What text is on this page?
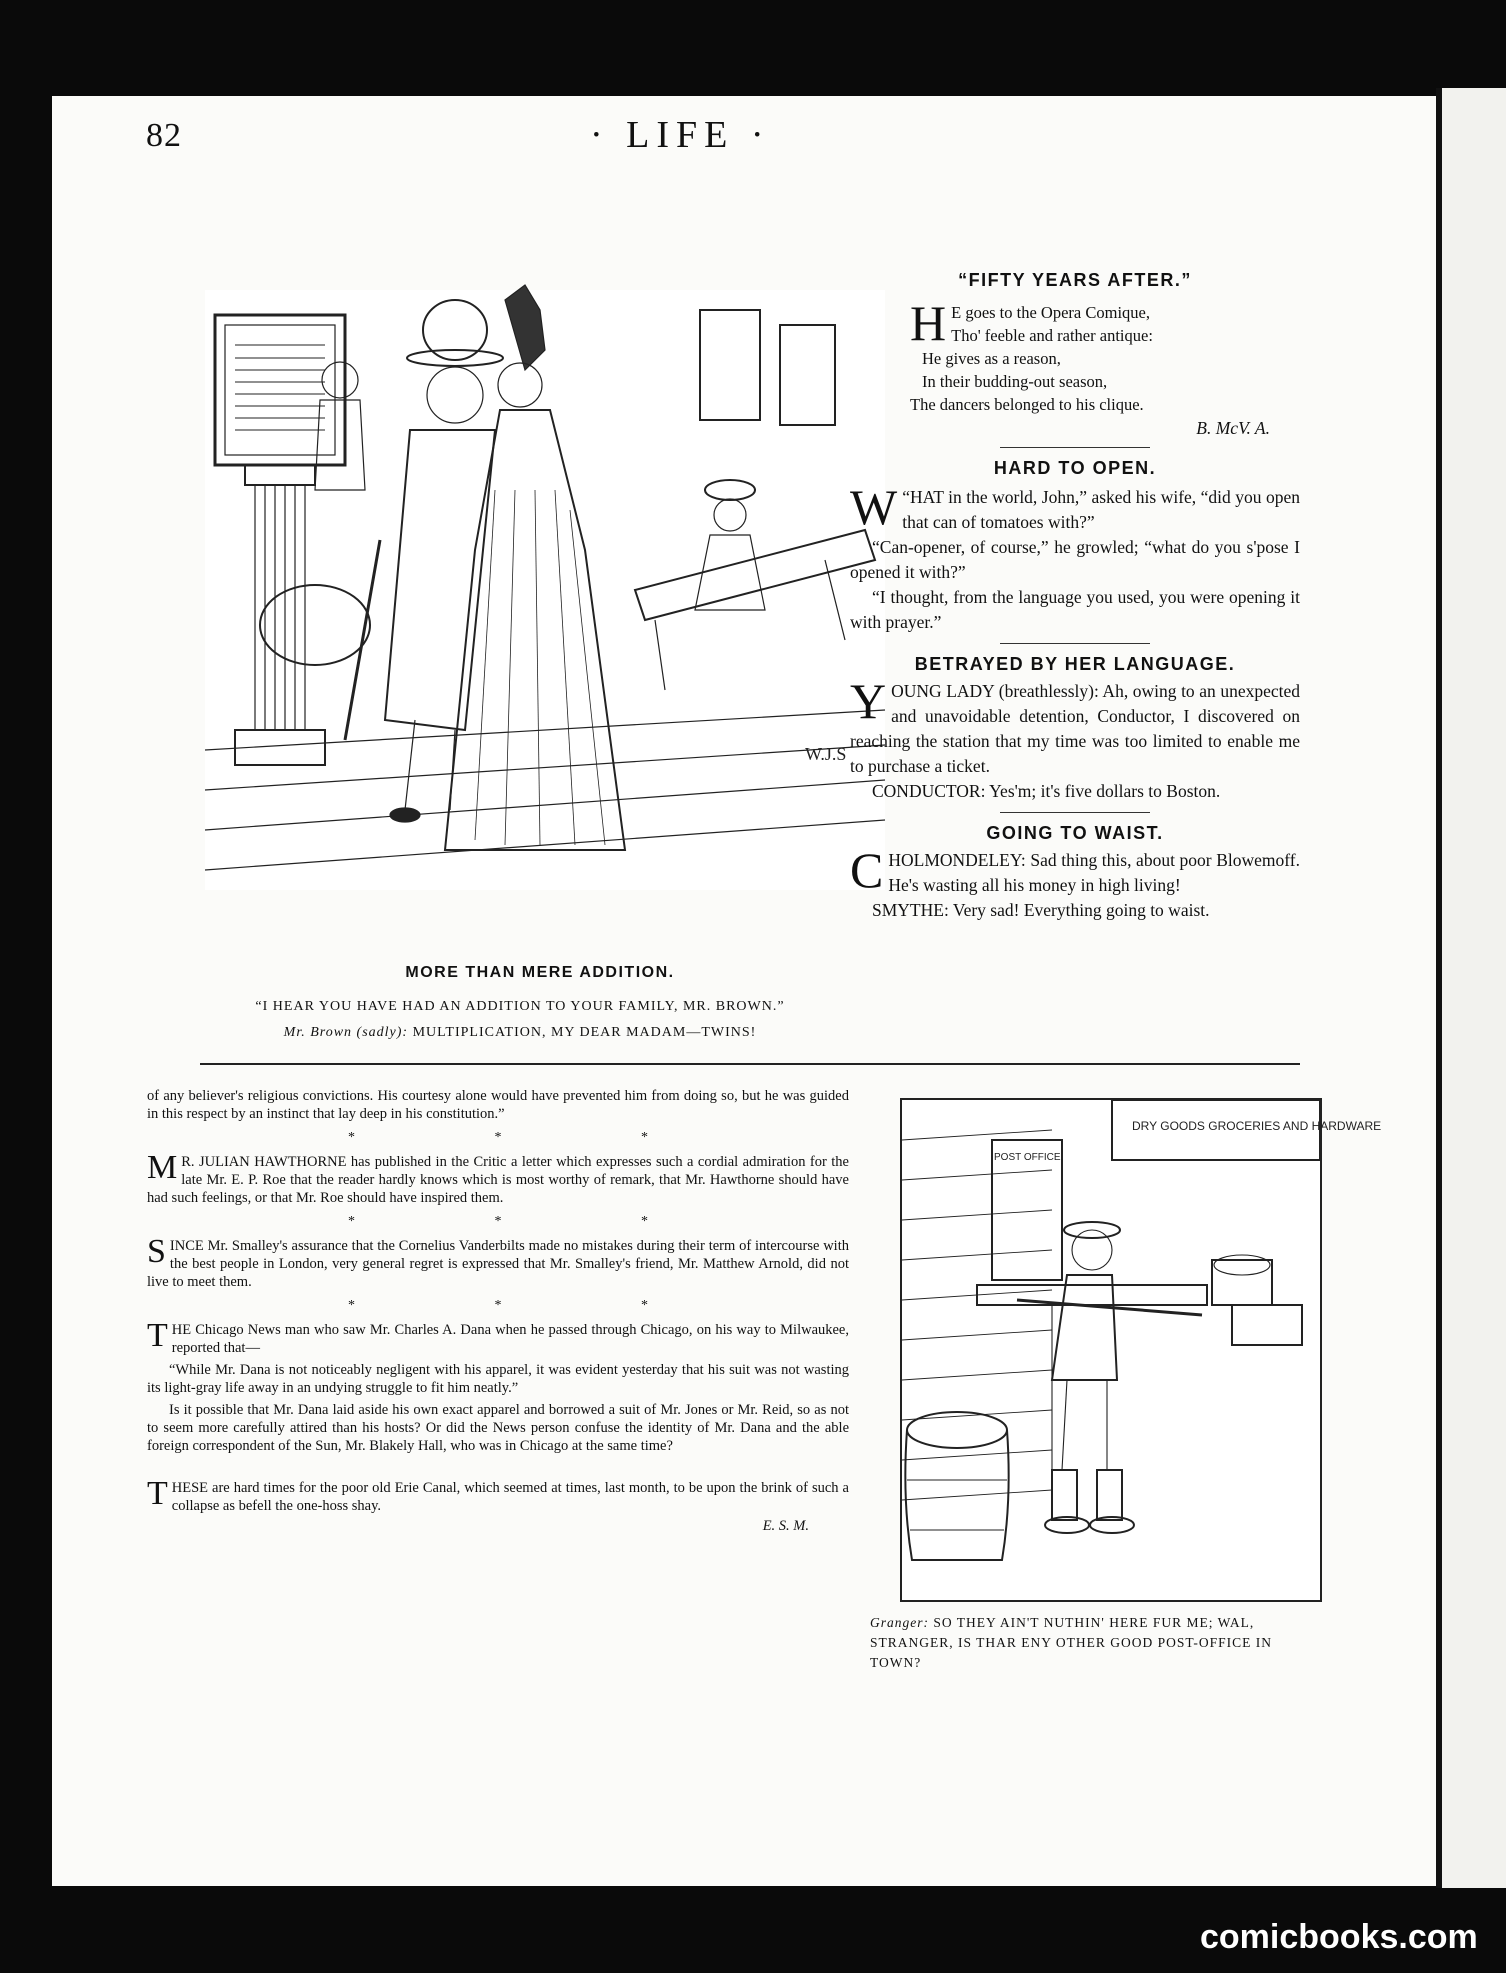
82	· LIFE ·
W.J.S
MORE THAN MERE ADDITION.
“I HEAR YOU HAVE HAD AN ADDITION TO YOUR FAMILY, MR. BROWN.”
Mr. Brown (sadly): MULTIPLICATION, MY DEAR MADAM—TWINS!
“FIFTY YEARS AFTER.”
H E goes to the Opera Comique,
Tho' feeble and rather antique:
He gives as a reason,
In their budding-out season,
The dancers belonged to his clique.
B. McV. A.
HARD TO OPEN.

W “HAT in the world, John,” asked his wife, “did you open that can of tomatoes with?”

“Can-opener, of course,” he growled; “what do you s'pose I opened it with?”

“I thought, from the language you used, you were opening it with prayer.”

BETRAYED BY HER LANGUAGE.

YOUNG LADY (breathlessly): Ah, owing to an unexpected and unavoidable detention, Conductor, I discovered on reaching the station that my time was too limited to enable me to purchase a ticket.

CONDUCTOR: Yes'm; it's five dollars to Boston.

GOING TO WAIST.

CHOLMONDELEY: Sad thing this, about poor Blowemoff. He's wasting all his money in high living!

SMYTHE: Very sad! Everything going to waist.

of any believer's religious convictions. His courtesy alone would have prevented him from doing so, but he was guided in this respect by an instinct that lay deep in his constitution.”

* * *

M R. JULIAN HAWTHORNE has published in the Critic a letter which expresses such a cordial admiration for the late Mr. E. P. Roe that the reader hardly knows which is most worthy of remark, that Mr. Hawthorne should have had such feelings, or that Mr. Roe should have inspired them.

* * *

SINCE Mr. Smalley's assurance that the Cornelius Vanderbilts made no mistakes during their term of intercourse with the best people in London, very general regret is expressed that Mr. Smalley's friend, Mr. Matthew Arnold, did not live to meet them.

* * *

THE Chicago News man who saw Mr. Charles A. Dana when he passed through Chicago, on his way to Milwaukee, reported that—

“While Mr. Dana is not noticeably negligent with his apparel, it was evident yesterday that his suit was not wasting its light-gray life away in an undying struggle to fit him neatly.”

Is it possible that Mr. Dana laid aside his own exact apparel and borrowed a suit of Mr. Jones or Mr. Reid, so as not to seem more carefully attired than his hosts? Or did the News person confuse the identity of Mr. Dana and the able foreign correspondent of the Sun, Mr. Blakely Hall, who was in Chicago at the same time?

THESE are hard times for the poor old Erie Canal, which seemed at times, last month, to be upon the brink of such a collapse as befell the one-hoss shay.

E. S. M.
DRY GOODS GROCERIES AND HARDWARE
POST OFFICE
Granger: SO THEY AIN'T NUTHIN' HERE FUR ME; WAL, STRANGER, IS THAR ENY OTHER GOOD POST-OFFICE IN TOWN?
comicbooks.com
